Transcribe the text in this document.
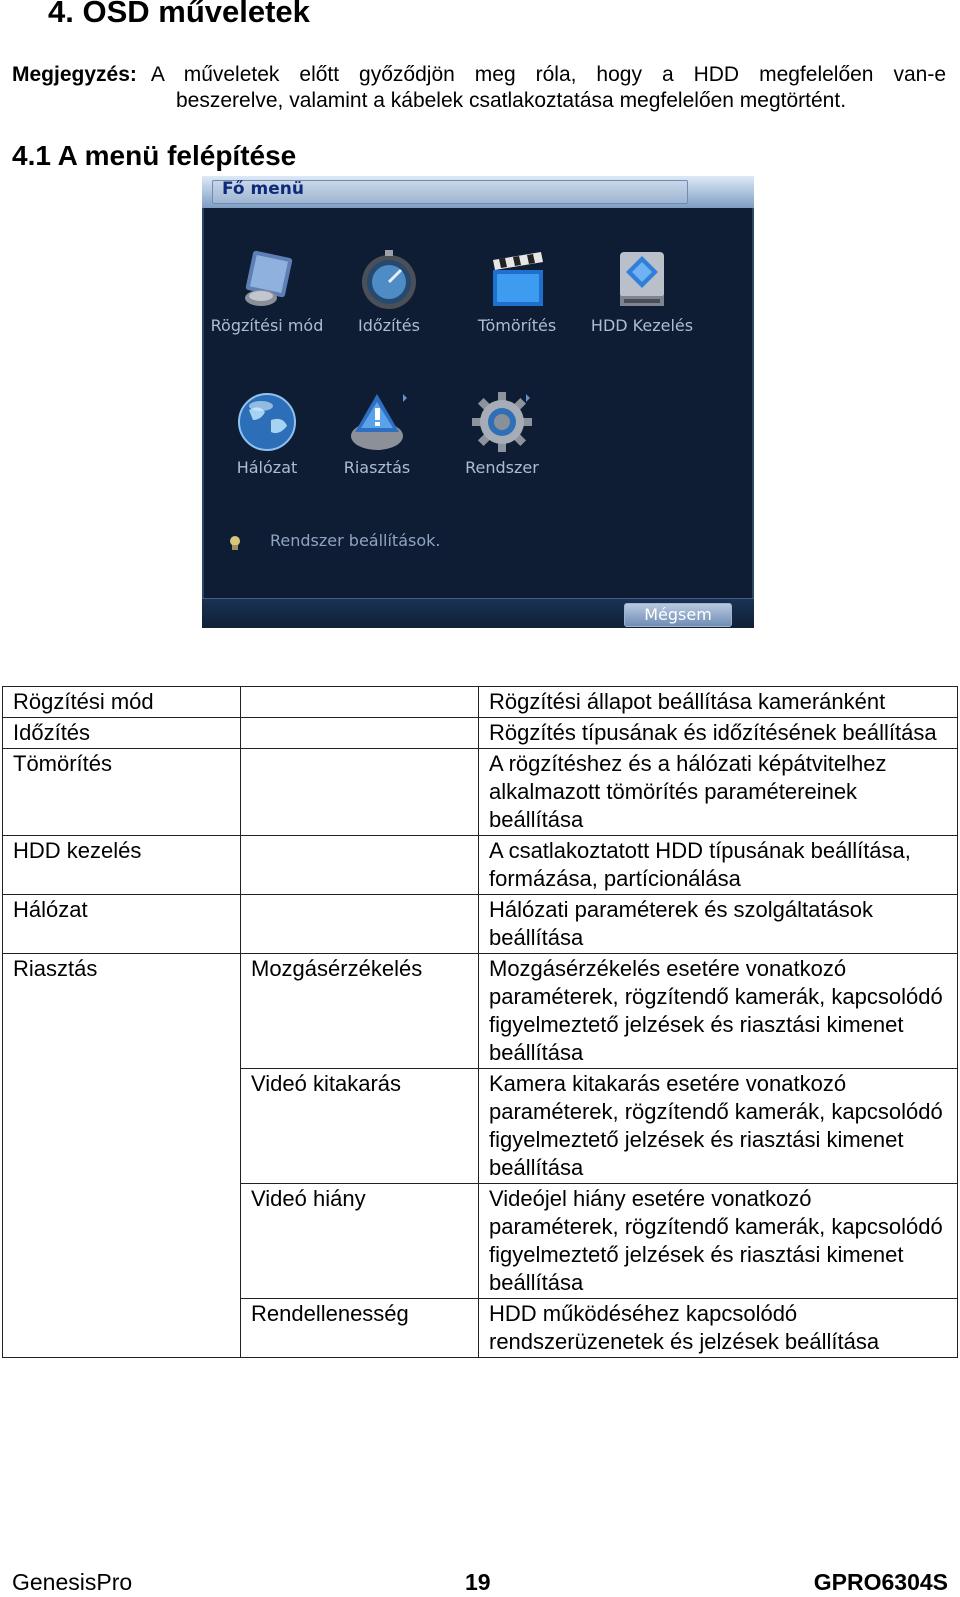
4. OSD műveletek
Megjegyzés: A műveletek előtt győződjön meg róla, hogy a HDD megfelelően van-e
beszerelve, valamint a kábelek csatlakoztatása megfelelően megtörtént.
4.1 A menü felépítése
Fő menü
Rögzítési mód	Időzítés	Tömörítés	HDD Kezelés
Hálózat	Riasztás	Rendszer
Rendszer beállítások.
Mégsem
Rögzítési mód		Rögzítési állapot beállítása kameránként
Időzítés		Rögzítés típusának és időzítésének beállítása
Tömörítés		A rögzítéshez és a hálózati képátvitelhez alkalmazott tömörítés paramétereinek beállítása
HDD kezelés		A csatlakoztatott HDD típusának beállítása, formázása, partícionálása
Hálózat		Hálózati paraméterek és szolgáltatások beállítása
Riasztás	Mozgásérzékelés	Mozgásérzékelés esetére vonatkozó paraméterek, rögzítendő kamerák, kapcsolódó figyelmeztető jelzések és riasztási kimenet beállítása
	Videó kitakarás	Kamera kitakarás esetére vonatkozó paraméterek, rögzítendő kamerák, kapcsolódó figyelmeztető jelzések és riasztási kimenet beállítása
	Videó hiány	Videójel hiány esetére vonatkozó paraméterek, rögzítendő kamerák, kapcsolódó figyelmeztető jelzések és riasztási kimenet beállítása
	Rendellenesség	HDD működéséhez kapcsolódó rendszerüzenetek és jelzések beállítása
GenesisPro	19	GPRO6304S
